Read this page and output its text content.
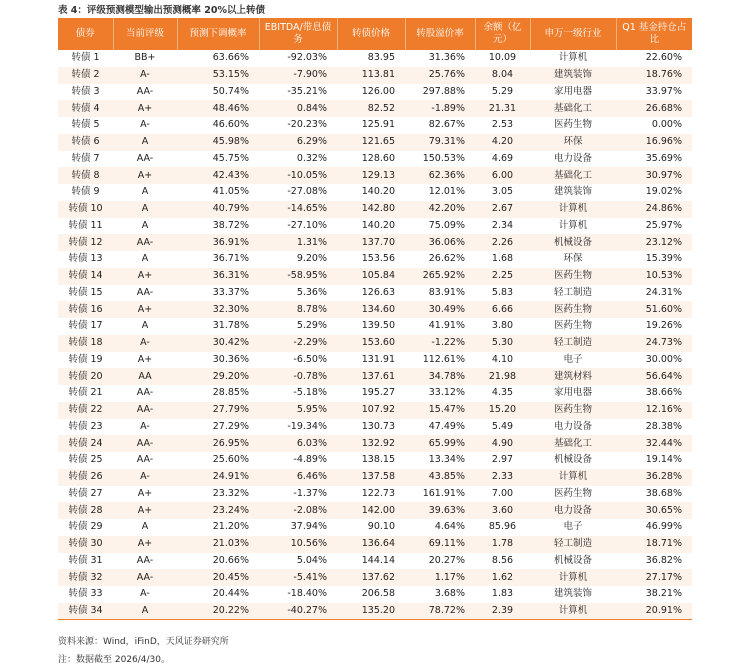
表 4：评级预测模型输出预测概率 20%以上转债
债券	当前评级	预测下调概率	EBITDA/带息债务	转债价格	转股溢价率	余额（亿元）	申万一级行业	Q1 基金持仓占比
转债 1	BB+	63.66%	-92.03%	83.95	31.36%	10.09	计算机	22.60%
转债 2	A-	53.15%	-7.90%	113.81	25.76%	8.04	建筑装饰	18.76%
转债 3	AA-	50.74%	-35.21%	126.00	297.88%	5.29	家用电器	33.97%
转债 4	A+	48.46%	0.84%	82.52	-1.89%	21.31	基础化工	26.68%
转债 5	A-	46.60%	-20.23%	125.91	82.67%	2.53	医药生物	0.00%
转债 6	A	45.98%	6.29%	121.65	79.31%	4.20	环保	16.96%
转债 7	AA-	45.75%	0.32%	128.60	150.53%	4.69	电力设备	35.69%
转债 8	A+	42.43%	-10.05%	129.13	62.36%	6.00	基础化工	30.97%
转债 9	A	41.05%	-27.08%	140.20	12.01%	3.05	建筑装饰	19.02%
转债 10	A	40.79%	-14.65%	142.80	42.20%	2.67	计算机	24.86%
转债 11	A	38.72%	-27.10%	140.20	75.09%	2.34	计算机	25.97%
转债 12	AA-	36.91%	1.31%	137.70	36.06%	2.26	机械设备	23.12%
转债 13	A	36.71%	9.20%	153.56	26.62%	1.68	环保	15.39%
转债 14	A+	36.31%	-58.95%	105.84	265.92%	2.25	医药生物	10.53%
转债 15	AA-	33.37%	5.36%	126.63	83.91%	5.83	轻工制造	24.31%
转债 16	A+	32.30%	8.78%	134.60	30.49%	6.66	医药生物	51.60%
转债 17	A	31.78%	5.29%	139.50	41.91%	3.80	医药生物	19.26%
转债 18	A-	30.42%	-2.29%	153.60	-1.22%	5.30	轻工制造	24.73%
转债 19	A+	30.36%	-6.50%	131.91	112.61%	4.10	电子	30.00%
转债 20	AA	29.20%	-0.78%	137.61	34.78%	21.98	建筑材料	56.64%
转债 21	AA-	28.85%	-5.18%	195.27	33.12%	4.35	家用电器	38.66%
转债 22	AA-	27.79%	5.95%	107.92	15.47%	15.20	医药生物	12.16%
转债 23	A-	27.29%	-19.34%	130.73	47.49%	5.49	电力设备	28.38%
转债 24	AA-	26.95%	6.03%	132.92	65.99%	4.90	基础化工	32.44%
转债 25	AA-	25.60%	-4.89%	138.15	13.34%	2.97	机械设备	19.14%
转债 26	A-	24.91%	6.46%	137.58	43.85%	2.33	计算机	36.28%
转债 27	A+	23.32%	-1.37%	122.73	161.91%	7.00	医药生物	38.68%
转债 28	A+	23.24%	-2.08%	142.00	39.63%	3.60	电力设备	30.65%
转债 29	A	21.20%	37.94%	90.10	4.64%	85.96	电子	46.99%
转债 30	A+	21.03%	10.56%	136.64	69.11%	1.78	轻工制造	18.71%
转债 31	AA-	20.66%	5.04%	144.14	20.27%	8.56	机械设备	36.82%
转债 32	AA-	20.45%	-5.41%	137.62	1.17%	1.62	计算机	27.17%
转债 33	A-	20.44%	-18.40%	206.58	3.68%	1.83	建筑装饰	38.21%
转债 34	A	20.22%	-40.27%	135.20	78.72%	2.39	计算机	20.91%
资料来源：Wind，iFinD，天风证券研究所
注：数据截至 2026/4/30。
